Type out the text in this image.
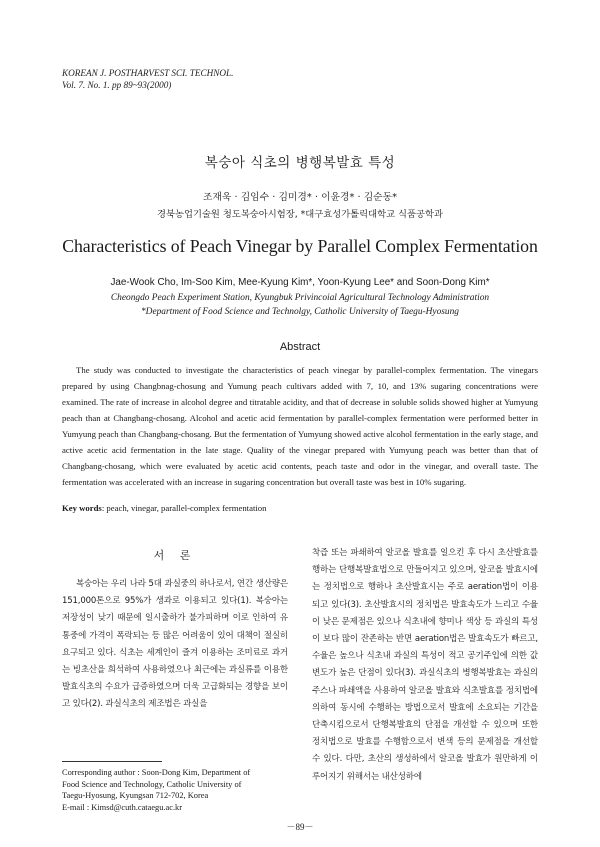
KOREAN J. POSTHARVEST SCI. TECHNOL.
Vol. 7. No. 1. pp 89~93(2000)
복숭아 식초의 병행복발효 특성
조재욱 · 김임수 · 김미경* · 이윤경* · 김순동*
경북농업기술원 청도복숭아시험장, *대구효성가톨릭대학교 식품공학과
Characteristics of Peach Vinegar by Parallel Complex Fermentation
Jae-Wook Cho, Im-Soo Kim, Mee-Kyung Kim*, Yoon-Kyung Lee* and Soon-Dong Kim*
Cheongdo Peach Experiment Station, Kyungbuk Privincoial Agricultural Technology Administration
*Department of Food Science and Technolgy, Catholic University of Taegu-Hyosung
Abstract

The study was conducted to investigate the characteristics of peach vinegar by parallel-complex fermentation. The vinegars prepared by using Changbnag-chosung and Yumung peach cultivars added with 7, 10, and 13% sugaring concentrations were examined. The rate of increase in alcohol degree and titratable acidity, and that of decrease in soluble solids showed higher at Yumyung peach than at Changbang-chosang. Alcohol and acetic acid fermentation by parallel-complex fermentation were performed better in Yumyung peach than Changbang-chosang. But the fermentation of Yumyung showed active alcohol fermentation in the early stage, and active acetic acid fermentation in the late stage. Quality of the vinegar prepared with Yumyung peach was better than that of Changbang-chosang, which were evaluated by acetic acid contents, peach taste and odor in the vinegar, and overall taste. The fermentation was accelerated with an increase in sugaring concentration but overall taste was best in 10% sugaring.

Key words: peach, vinegar, parallel-complex fermentation
서 론

복숭아는 우리 나라 5대 과실중의 하나로서, 연간 생산량은 151,000톤으로 95%가 생과로 이용되고 있다(1). 복숭아는 저장성이 낮기 때문에 일시출하가 불가피하며 이로 인하여 유통중에 가격이 폭락되는 등 많은 어려움이 있어 대책이 절실히 요구되고 있다. 식초는 세계인이 즐겨 이용하는 조미료로 과거는 빙초산을 희석하여 사용하였으나 최근에는 과실류를 이용한 발효식초의 수요가 급증하였으며 더욱 고급화되는 경향을 보이고 있다(2). 과실식초의 제조법은 과실을

착즙 또는 파쇄하여 알코올 발효를 일으킨 후 다시 초산발효를 행하는 단행복발효법으로 만들어지고 있으며, 알코올 발효시에는 정치법으로 행하나 초산발효시는 주로 aeration법이 이용되고 있다(3). 초산발효시의 정치법은 발효속도가 느리고 수율이 낮은 문제점은 있으나 식초내에 향미나 색상 등 과실의 특성이 보다 많이 잔존하는 반면 aeration법은 발효속도가 빠르고, 수율은 높으나 식초내 과실의 특성이 적고 공기주입에 의한 값변도가 높은 단점이 있다(3). 과실식초의 병행복발효는 과실의 주스나 파쇄액을 사용하여 알코올 발효와 식초발효를 정치법에 의하여 동시에 수행하는 방법으로서 발효에 소요되는 기간을 단축시킴으로서 단행복발효의 단점을 개선할 수 있으며 또한 정치법으로 발효를 수행함으로서 변색 등의 문제점을 개선할 수 있다. 다만, 초산의 생성하에서 알코올 발효가 원만하게 이루어지기 위해서는 내산성하에

Corresponding author : Soon-Dong Kim, Department of
Food Science and Technology, Catholic University of
Taegu-Hyosung, Kyungsan 712-702, Korea
E-mail : Kimsd@cuth.cataegu.ac.kr
－89－
